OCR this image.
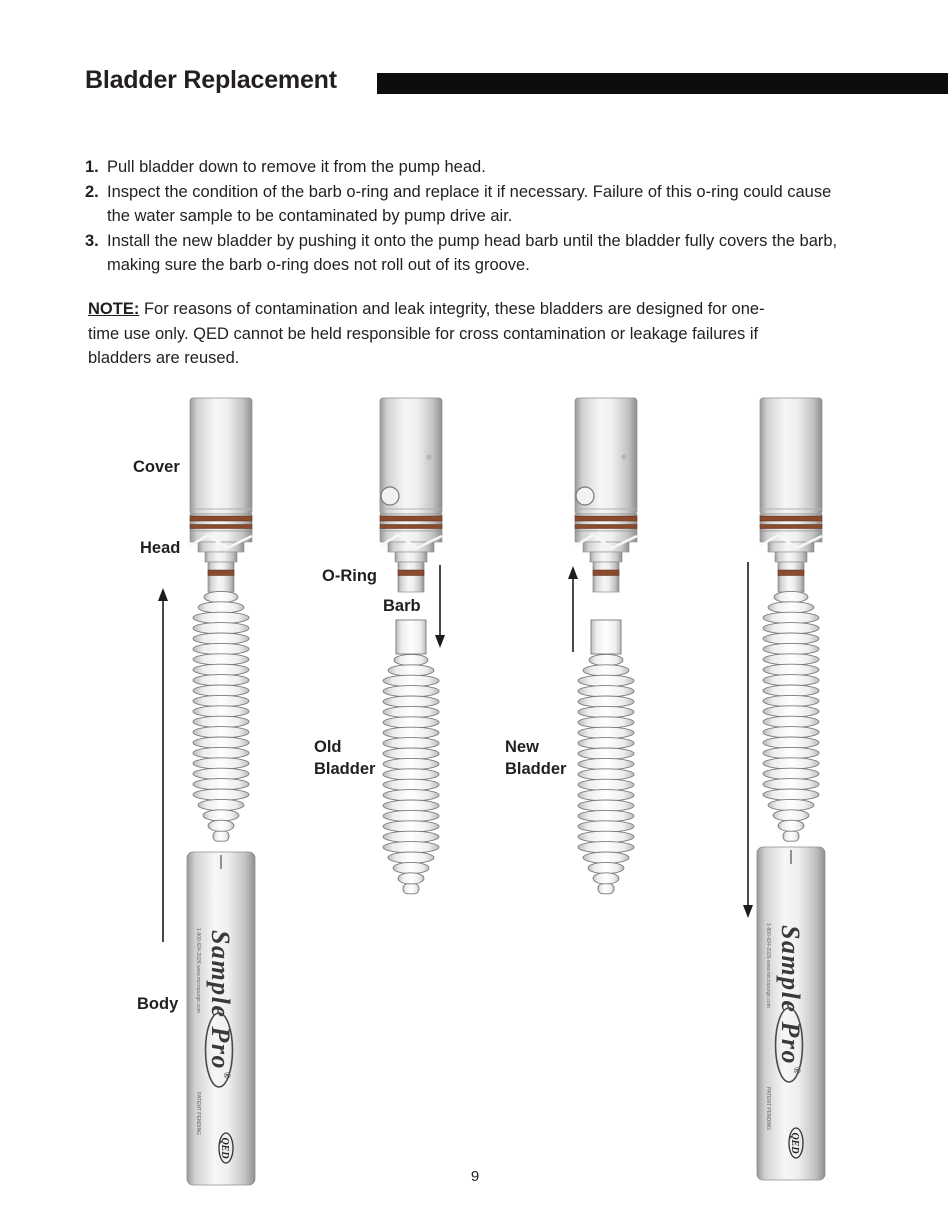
Bladder Replacement
1. Pull bladder down to remove it from the pump head.
2. Inspect the condition of the barb o-ring and replace it if necessary. Failure of this o-ring could cause the water sample to be contaminated by pump drive air.
3. Install the new bladder by pushing it onto the pump head barb until the bladder fully covers the barb, making sure the barb o-ring does not roll out of its groove.

NOTE: For reasons of contamination and leak integrity, these bladders are designed for one-time use only. QED cannot be held responsible for cross contamination or leakage failures if bladders are reused.

Sample Pro®
1-800-624-2026 www.micropurge.com
PATENT PENDING
QED
Sample Pro®
1-800-624-2026 www.micropurge.com
PATENT PENDING
QED
Cover
Head
O-Ring
Barb
Old Bladder
New Bladder
Body
9
